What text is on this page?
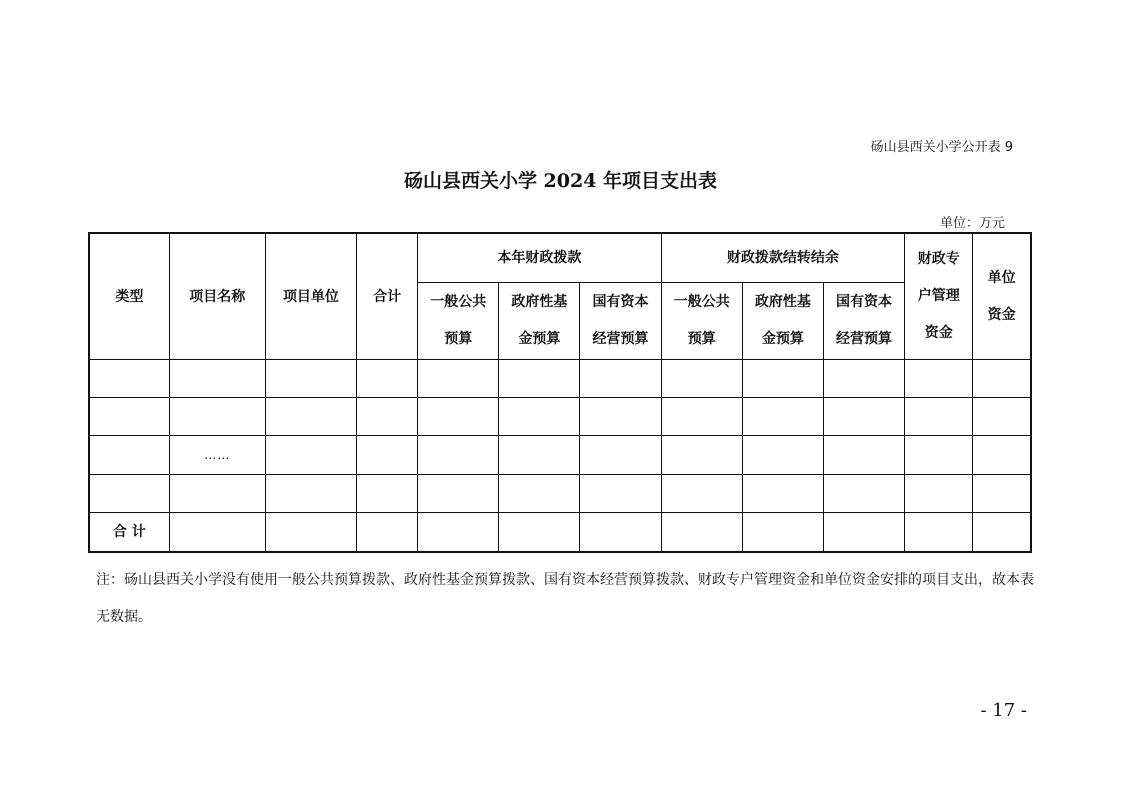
砀山县西关小学公开表 9
砀山县西关小学 2024 年项目支出表
单位：万元
类型	项目名称	项目单位	合计	本年财政拨款			财政拨款结转结余			财政专户管理资金	单位资金

				一般公共预算	政府性基金预算	国有资本经营预算	一般公共预算	政府性基金预算	国有资本经营预算		

	……										

合 计											
注：砀山县西关小学没有使用一般公共预算拨款、政府性基金预算拨款、国有资本经营预算拨款、财政专户管理资金和单位资金安排的项目支出，故本表无数据。
- 17 -
